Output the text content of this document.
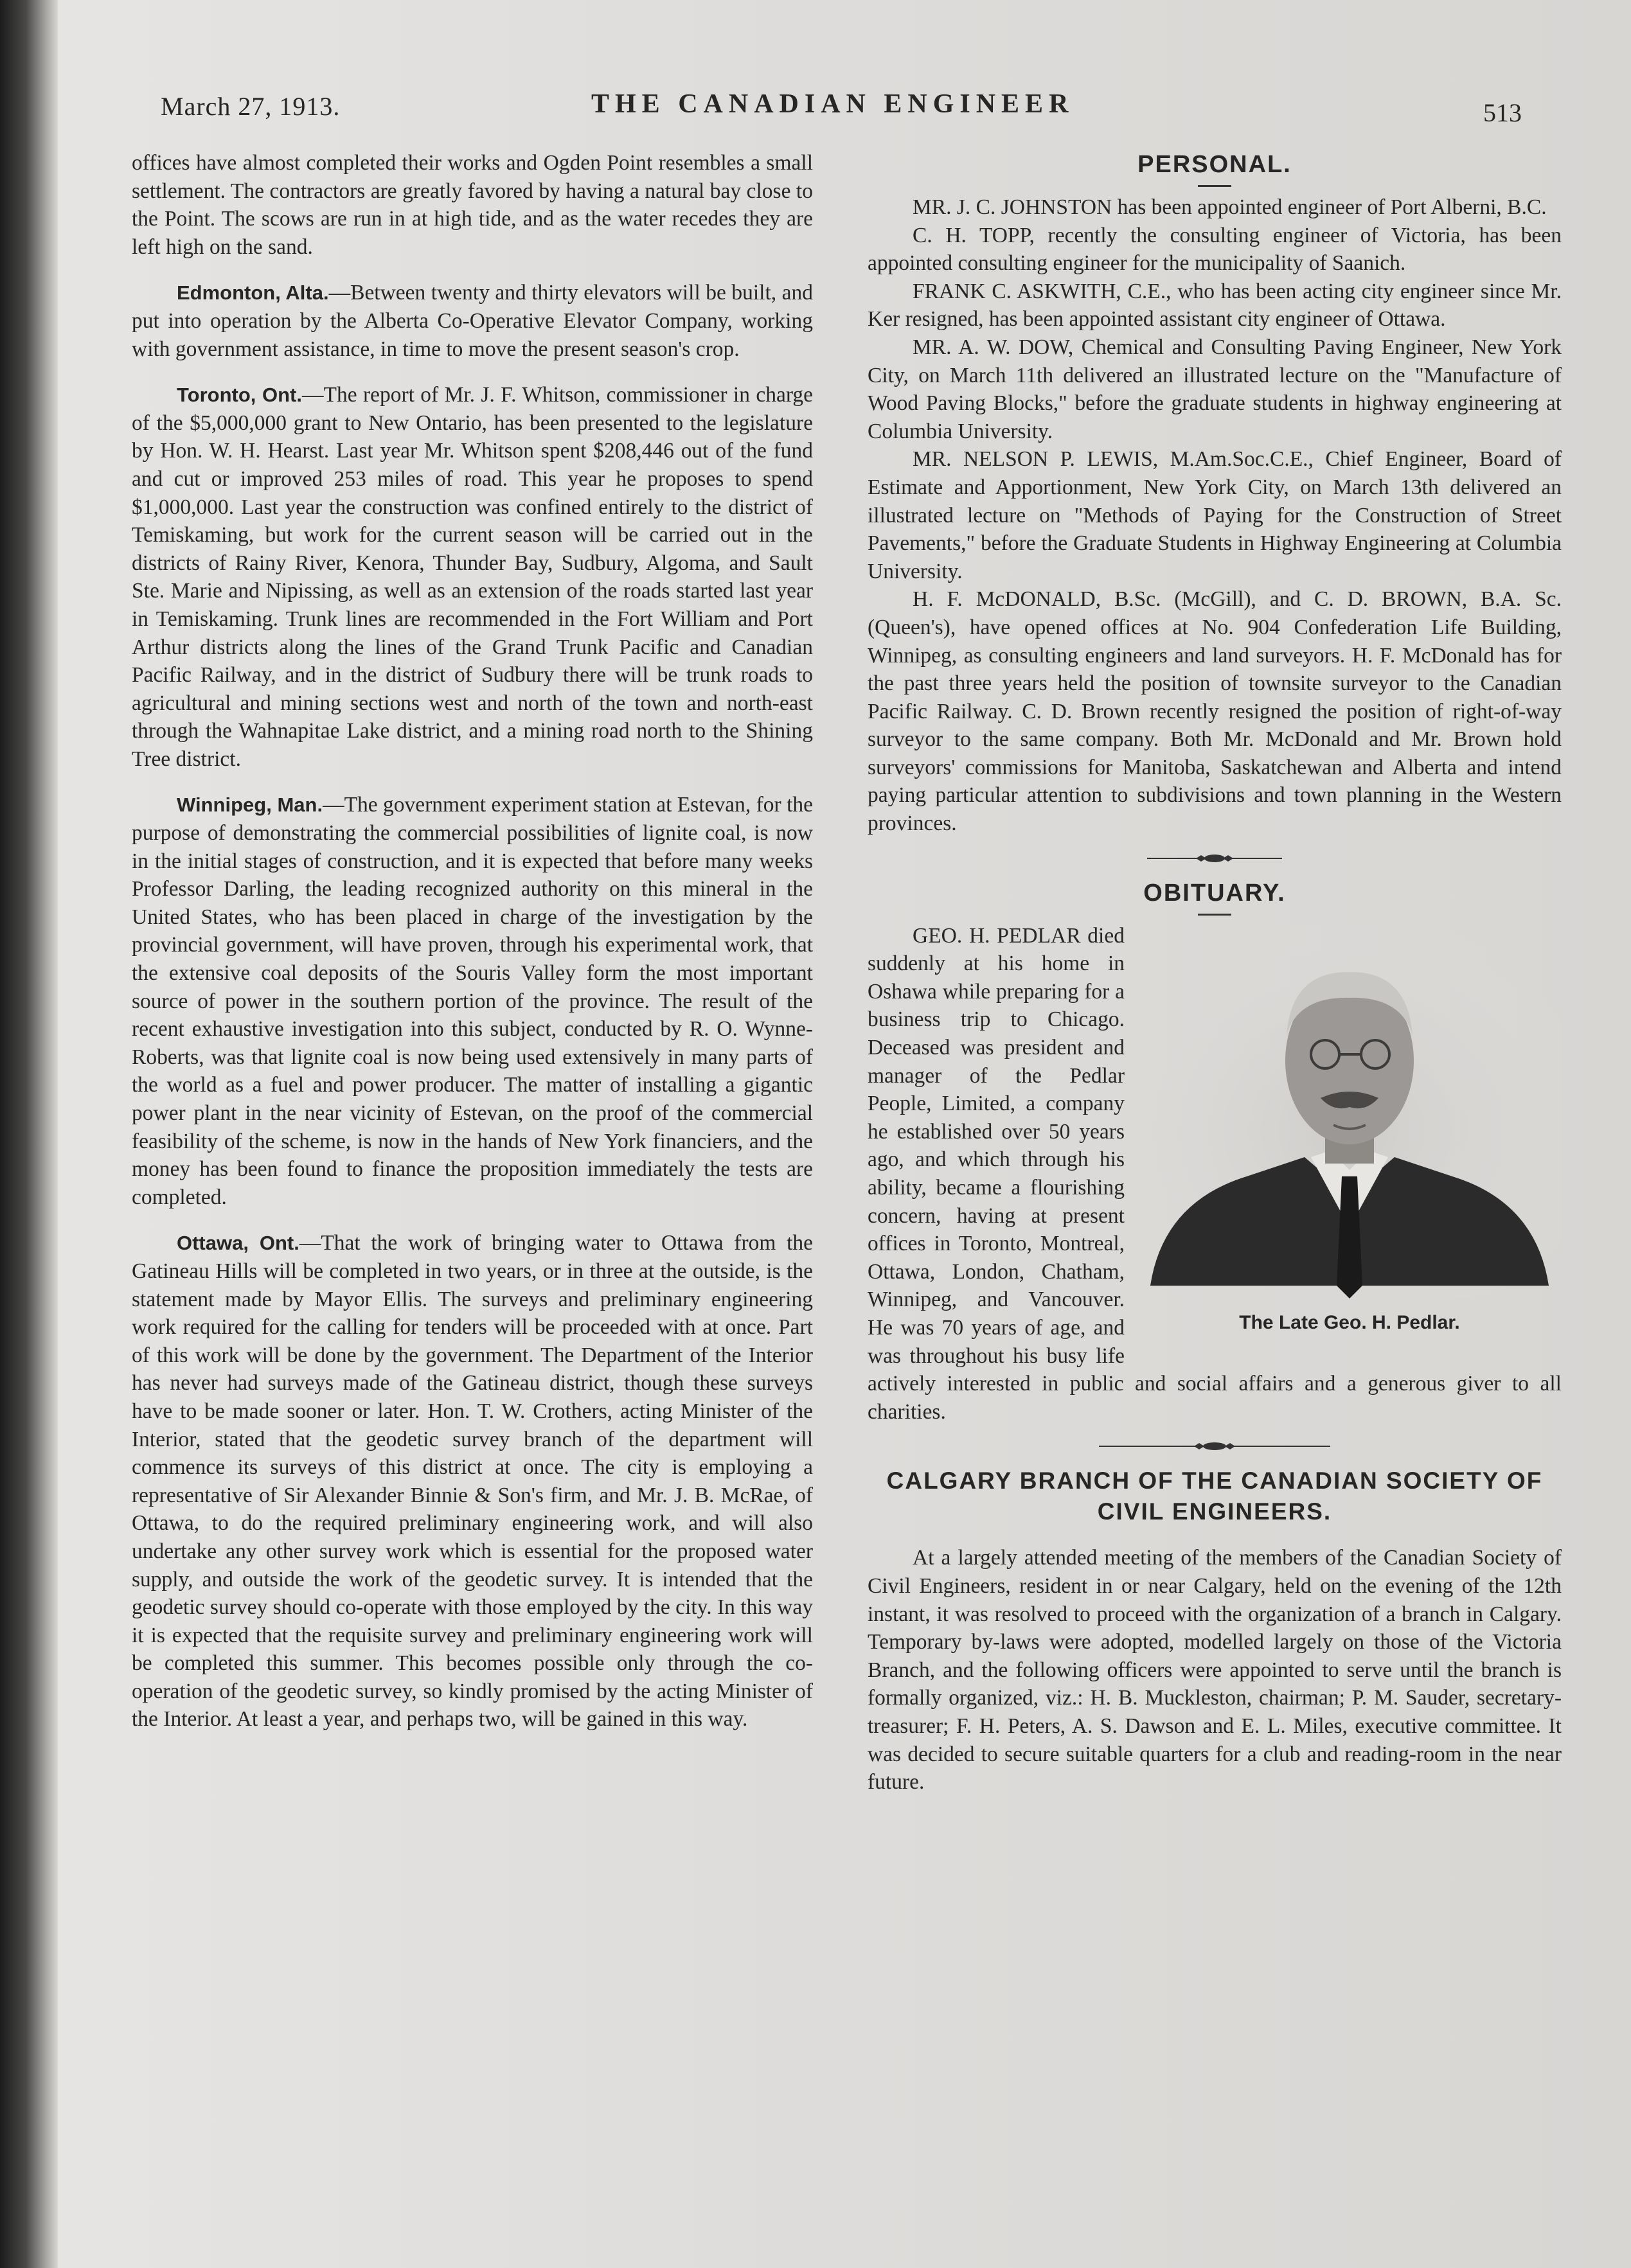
March 27, 1913.	THE CANADIAN ENGINEER	513

offices have almost completed their works and Ogden Point resembles a small settlement. The contractors are greatly favored by having a natural bay close to the Point. The scows are run in at high tide, and as the water recedes they are left high on the sand.

Edmonton, Alta.—Between twenty and thirty elevators will be built, and put into operation by the Alberta Co-Operative Elevator Company, working with government assistance, in time to move the present season's crop.

Toronto, Ont.—The report of Mr. J. F. Whitson, commissioner in charge of the $5,000,000 grant to New Ontario, has been presented to the legislature by Hon. W. H. Hearst. Last year Mr. Whitson spent $208,446 out of the fund and cut or improved 253 miles of road. This year he proposes to spend $1,000,000. Last year the construction was confined entirely to the district of Temiskaming, but work for the current season will be carried out in the districts of Rainy River, Kenora, Thunder Bay, Sudbury, Algoma, and Sault Ste. Marie and Nipissing, as well as an extension of the roads started last year in Temiskaming. Trunk lines are recommended in the Fort William and Port Arthur districts along the lines of the Grand Trunk Pacific and Canadian Pacific Railway, and in the district of Sudbury there will be trunk roads to agricultural and mining sections west and north of the town and north-east through the Wahnapitae Lake district, and a mining road north to the Shining Tree district.

Winnipeg, Man.—The government experiment station at Estevan, for the purpose of demonstrating the commercial possibilities of lignite coal, is now in the initial stages of construction, and it is expected that before many weeks Professor Darling, the leading recognized authority on this mineral in the United States, who has been placed in charge of the investigation by the provincial government, will have proven, through his experimental work, that the extensive coal deposits of the Souris Valley form the most important source of power in the southern portion of the province. The result of the recent exhaustive investigation into this subject, conducted by R. O. Wynne-Roberts, was that lignite coal is now being used extensively in many parts of the world as a fuel and power producer. The matter of installing a gigantic power plant in the near vicinity of Estevan, on the proof of the commercial feasibility of the scheme, is now in the hands of New York financiers, and the money has been found to finance the proposition immediately the tests are completed.

Ottawa, Ont.—That the work of bringing water to Ottawa from the Gatineau Hills will be completed in two years, or in three at the outside, is the statement made by Mayor Ellis. The surveys and preliminary engineering work required for the calling for tenders will be proceeded with at once. Part of this work will be done by the government. The Department of the Interior has never had surveys made of the Gatineau district, though these surveys have to be made sooner or later. Hon. T. W. Crothers, acting Minister of the Interior, stated that the geodetic survey branch of the department will commence its surveys of this district at once. The city is employing a representative of Sir Alexander Binnie & Son's firm, and Mr. J. B. McRae, of Ottawa, to do the required preliminary engineering work, and will also undertake any other survey work which is essential for the proposed water supply, and outside the work of the geodetic survey. It is intended that the geodetic survey should co-operate with those employed by the city. In this way it is expected that the requisite survey and preliminary engineering work will be completed this summer. This becomes possible only through the co-operation of the geodetic survey, so kindly promised by the acting Minister of the Interior. At least a year, and perhaps two, will be gained in this way.

PERSONAL.

MR. J. C. JOHNSTON has been appointed engineer of Port Alberni, B.C.

C. H. TOPP, recently the consulting engineer of Victoria, has been appointed consulting engineer for the municipality of Saanich.

FRANK C. ASKWITH, C.E., who has been acting city engineer since Mr. Ker resigned, has been appointed assistant city engineer of Ottawa.

MR. A. W. DOW, Chemical and Consulting Paving Engineer, New York City, on March 11th delivered an illustrated lecture on the "Manufacture of Wood Paving Blocks," before the graduate students in highway engineering at Columbia University.

MR. NELSON P. LEWIS, M.Am.Soc.C.E., Chief Engineer, Board of Estimate and Apportionment, New York City, on March 13th delivered an illustrated lecture on "Methods of Paying for the Construction of Street Pavements," before the Graduate Students in Highway Engineering at Columbia University.

H. F. McDONALD, B.Sc. (McGill), and C. D. BROWN, B.A. Sc. (Queen's), have opened offices at No. 904 Confederation Life Building, Winnipeg, as consulting engineers and land surveyors. H. F. McDonald has for the past three years held the position of townsite surveyor to the Canadian Pacific Railway. C. D. Brown recently resigned the position of right-of-way surveyor to the same company. Both Mr. McDonald and Mr. Brown hold surveyors' commissions for Manitoba, Saskatchewan and Alberta and intend paying particular attention to subdivisions and town planning in the Western provinces.

OBITUARY.
The Late Geo. H. Pedlar.

GEO. H. PEDLAR died suddenly at his home in Oshawa while preparing for a business trip to Chicago. Deceased was president and manager of the Pedlar People, Limited, a company he established over 50 years ago, and which through his ability, became a flourishing concern, having at present offices in Toronto, Montreal, Ottawa, London, Chatham, Winnipeg, and Vancouver. He was 70 years of age, and was throughout his busy life actively interested in public and social affairs and a generous giver to all charities.

CALGARY BRANCH OF THE CANADIAN SOCIETY OF CIVIL ENGINEERS.

At a largely attended meeting of the members of the Canadian Society of Civil Engineers, resident in or near Calgary, held on the evening of the 12th instant, it was resolved to proceed with the organization of a branch in Calgary. Temporary by-laws were adopted, modelled largely on those of the Victoria Branch, and the following officers were appointed to serve until the branch is formally organized, viz.: H. B. Muckleston, chairman; P. M. Sauder, secretary-treasurer; F. H. Peters, A. S. Dawson and E. L. Miles, executive committee. It was decided to secure suitable quarters for a club and reading-room in the near future.
